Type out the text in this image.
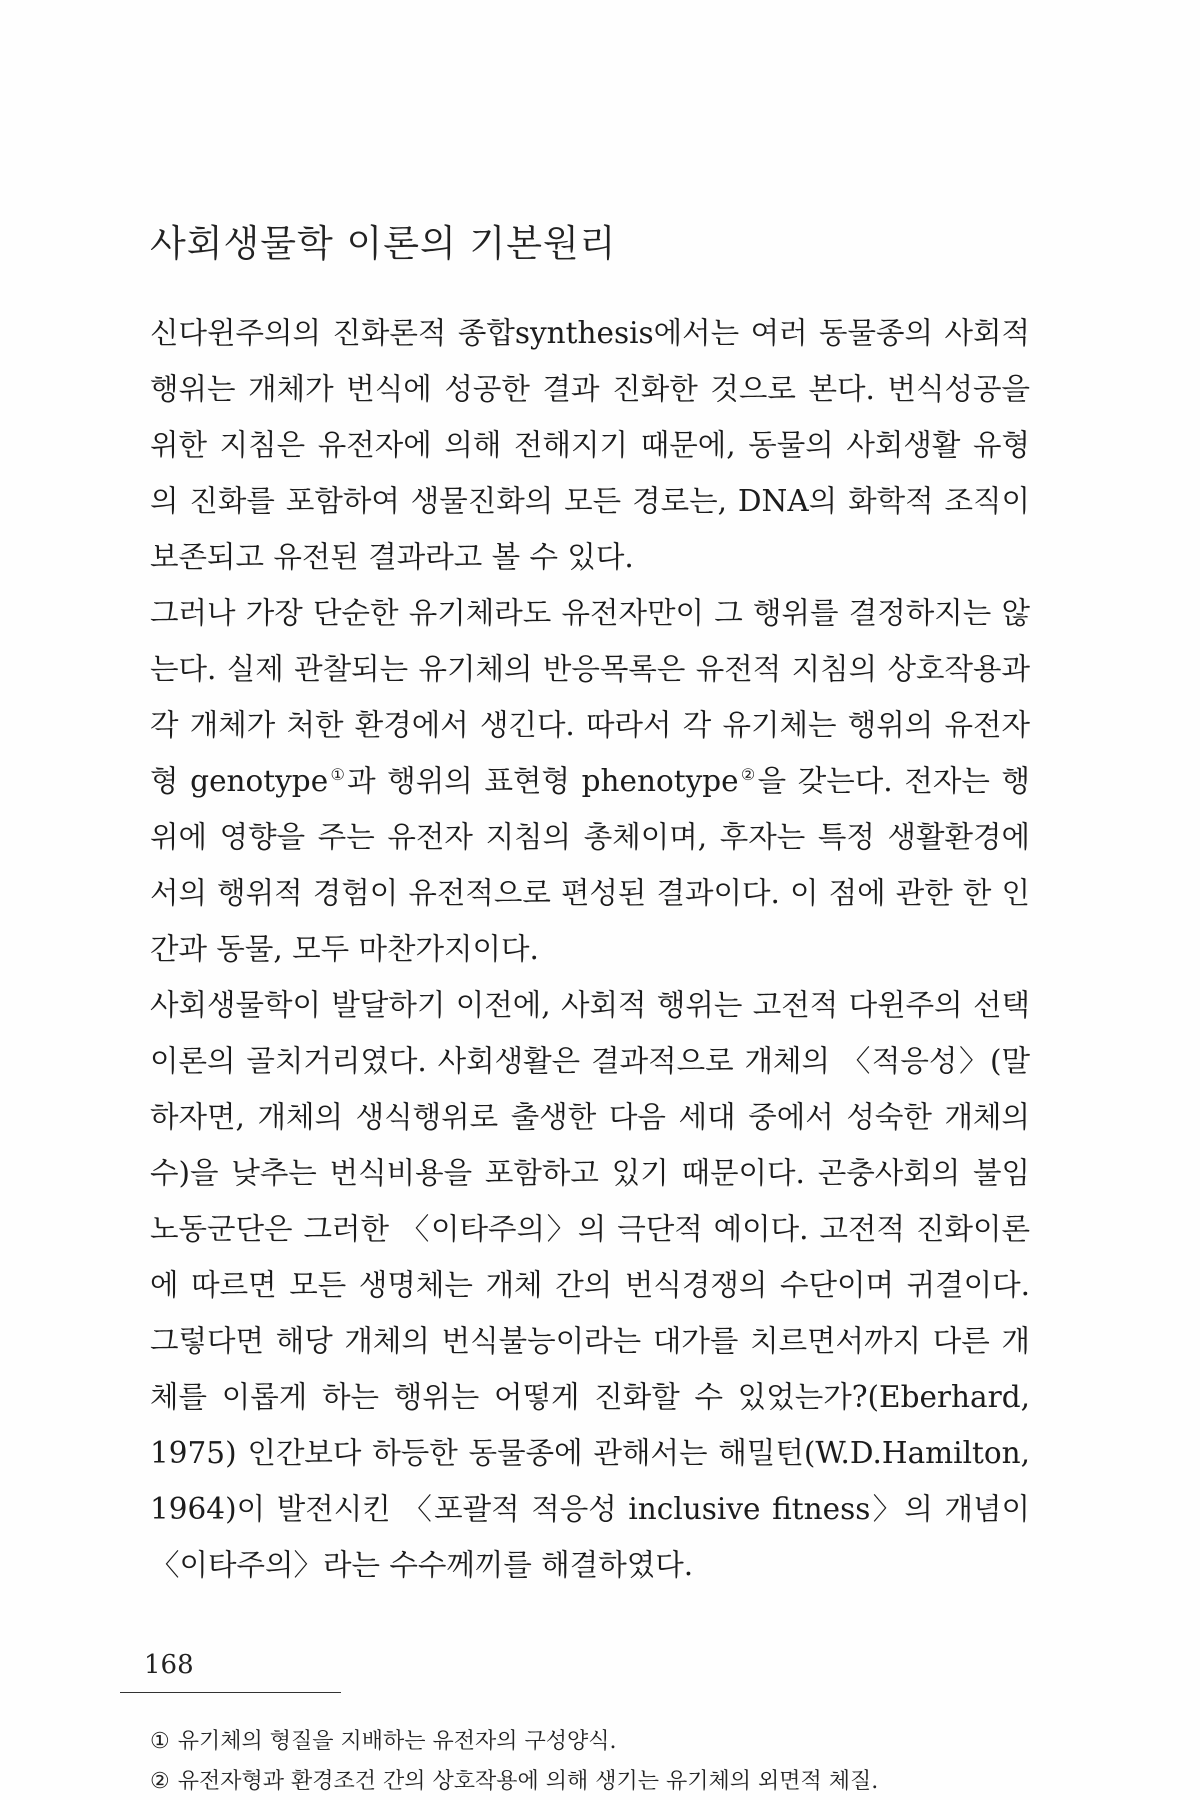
사회생물학 이론의 기본원리

신다윈주의의 진화론적 종합synthesis에서는 여러 동물종의 사회적 행위는 개체가 번식에 성공한 결과 진화한 것으로 본다. 번식성공을 위한 지침은 유전자에 의해 전해지기 때문에, 동물의 사회생활 유형의 진화를 포함하여 생물진화의 모든 경로는, DNA의 화학적 조직이 보존되고 유전된 결과라고 볼 수 있다.

그러나 가장 단순한 유기체라도 유전자만이 그 행위를 결정하지는 않는다. 실제 관찰되는 유기체의 반응목록은 유전적 지침의 상호작용과 각 개체가 처한 환경에서 생긴다. 따라서 각 유기체는 행위의 유전자형 genotype①과 행위의 표현형 phenotype②을 갖는다. 전자는 행위에 영향을 주는 유전자 지침의 총체이며, 후자는 특정 생활환경에서의 행위적 경험이 유전적으로 편성된 결과이다. 이 점에 관한 한 인간과 동물, 모두 마찬가지이다.

사회생물학이 발달하기 이전에, 사회적 행위는 고전적 다윈주의 선택이론의 골치거리였다. 사회생활은 결과적으로 개체의 〈적응성〉(말하자면, 개체의 생식행위로 출생한 다음 세대 중에서 성숙한 개체의 수)을 낮추는 번식비용을 포함하고 있기 때문이다. 곤충사회의 불임 노동군단은 그러한 〈이타주의〉의 극단적 예이다. 고전적 진화이론에 따르면 모든 생명체는 개체 간의 번식경쟁의 수단이며 귀결이다. 그렇다면 해당 개체의 번식불능이라는 대가를 치르면서까지 다른 개체를 이롭게 하는 행위는 어떻게 진화할 수 있었는가?(Eberhard, 1975) 인간보다 하등한 동물종에 관해서는 해밀턴(W.D.Hamilton, 1964)이 발전시킨 〈포괄적 적응성 inclusive fitness〉의 개념이 〈이타주의〉라는 수수께끼를 해결하였다.

① 유기체의 형질을 지배하는 유전자의 구성양식.

② 유전자형과 환경조건 간의 상호작용에 의해 생기는 유기체의 외면적 체질.

168
